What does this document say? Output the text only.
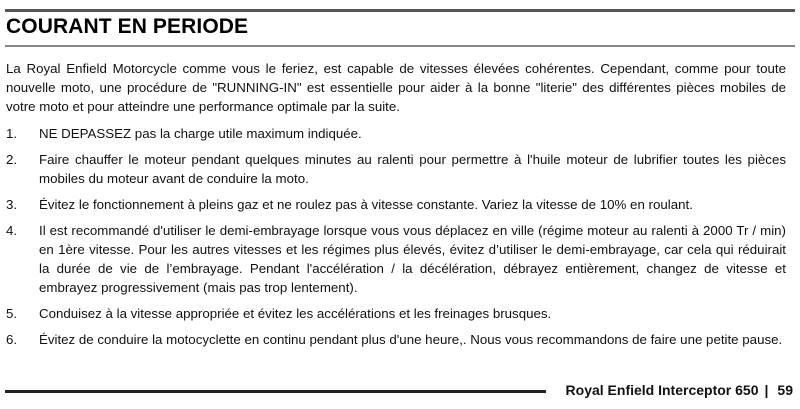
COURANT EN PERIODE

La Royal Enfield Motorcycle comme vous le feriez, est capable de vitesses élevées cohérentes. Cependant, comme pour toute nouvelle moto, une procédure de "RUNNING-IN" est essentielle pour aider à la bonne "literie" des différentes pièces mobiles de votre moto et pour atteindre une performance optimale par la suite.

1. NE DEPASSEZ pas la charge utile maximum indiquée.
2. Faire chauffer le moteur pendant quelques minutes au ralenti pour permettre à l'huile moteur de lubrifier toutes les pièces mobiles du moteur avant de conduire la moto.
3. Évitez le fonctionnement à pleins gaz et ne roulez pas à vitesse constante. Variez la vitesse de 10% en roulant.
4. Il est recommandé d'utiliser le demi-embrayage lorsque vous vous déplacez en ville (régime moteur au ralenti à 2000 Tr / min) en 1ère vitesse. Pour les autres vitesses et les régimes plus élevés, évitez d’utiliser le demi-embrayage, car cela qui réduirait la durée de vie de l’embrayage. Pendant l'accélération / la décélération, débrayez entièrement, changez de vitesse et embrayez progressivement (mais pas trop lentement).
5. Conduisez à la vitesse appropriée et évitez les accélérations et les freinages brusques.
6. Évitez de conduire la motocyclette en continu pendant plus d'une heure,. Nous vous recommandons de faire une petite pause.
Royal Enfield Interceptor 650 | 59
